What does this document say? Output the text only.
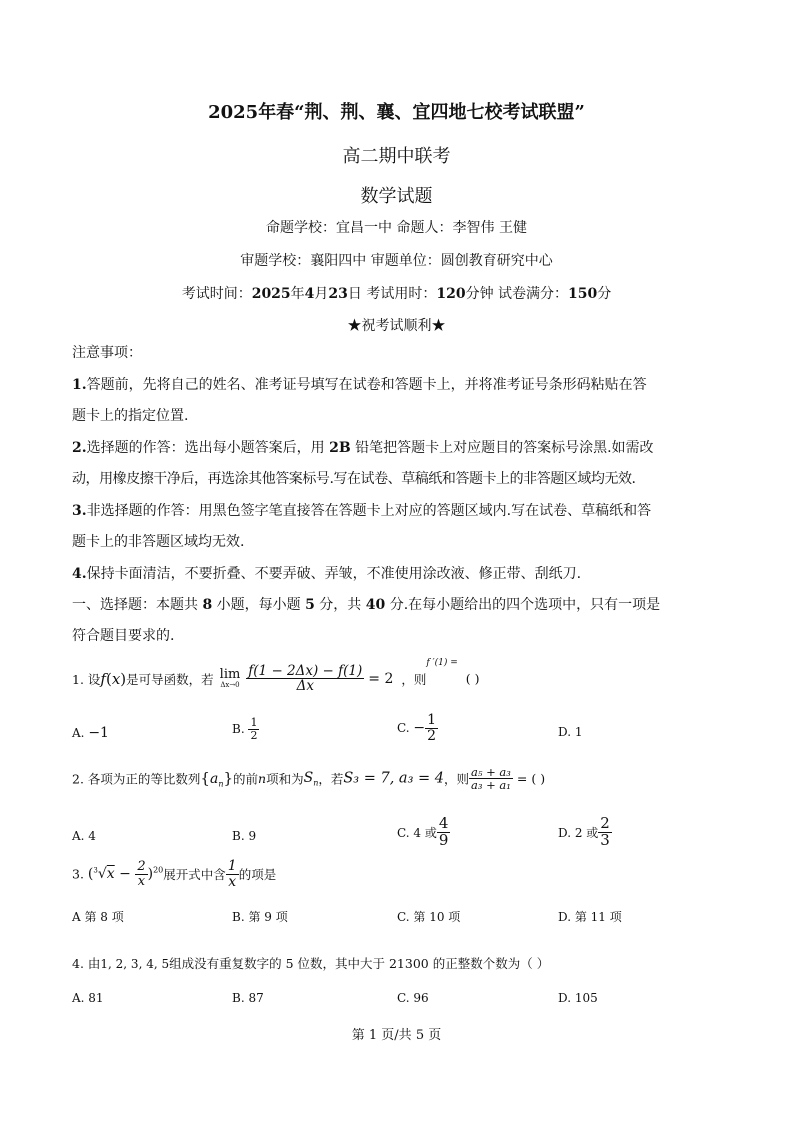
2025年春“荆、荆、襄、宜四地七校考试联盟”
高二期中联考
数学试题
命题学校：宜昌一中 命题人：李智伟 王健
审题学校：襄阳四中 审题单位：圆创教育研究中心
考试时间：2025年4月23日 考试用时：120分钟 试卷满分：150分
★祝考试顺利★
注意事项：
1.答题前，先将自己的姓名、准考证号填写在试卷和答题卡上，并将准考证号条形码粘贴在答
题卡上的指定位置.
2.选择题的作答：选出每小题答案后，用 2B 铅笔把答题卡上对应题目的答案标号涂黑.如需改
动，用橡皮擦干净后，再选涂其他答案标号.写在试卷、草稿纸和答题卡上的非答题区域均无效.
3.非选择题的作答：用黑色签字笔直接答在答题卡上对应的答题区域内.写在试卷、草稿纸和答
题卡上的非答题区域均无效.
4.保持卡面清洁，不要折叠、不要弄破、弄皱，不准使用涂改液、修正带、刮纸刀.
一、选择题：本题共 8 小题，每小题 5 分，共 40 分.在每小题给出的四个选项中，只有一项是
符合题目要求的.
1. 设f(x)是可导函数，若 lim
Δx→0
$\frac{f(1 - 2\Delta x) - f(1)}{\Delta x} = 2$ ，则f ′(1) =( )
A. −1	B. $\frac{1}{2}$	C. − $\frac{1}{2}$	D. 1
2. 各项为正的等比数列$\{a_n\}$的前n项和为$S_n$，若S₃ = 7, a₃ = 4，则 $\frac{\text{a₅ + a₃}}{\text{a₃ + a₁}}$ = ( )
A. 4	B. 9	C. 4 或 $\frac{4}{9}$	D. 2 或 $\frac{2}{3}$
3. $(^3√x - \frac{2}{x} )^{20}$展开式中含 $\frac{1}{x}$ 的项是
A 第 8 项	B. 第 9 项	C. 第 10 项	D. 第 11 项
4. 由1, 2, 3, 4, 5组成没有重复数字的 5 位数，其中大于 21300 的正整数个数为（ ）
A. 81	B. 87	C. 96	D. 105
第 1 页/共 5 页
